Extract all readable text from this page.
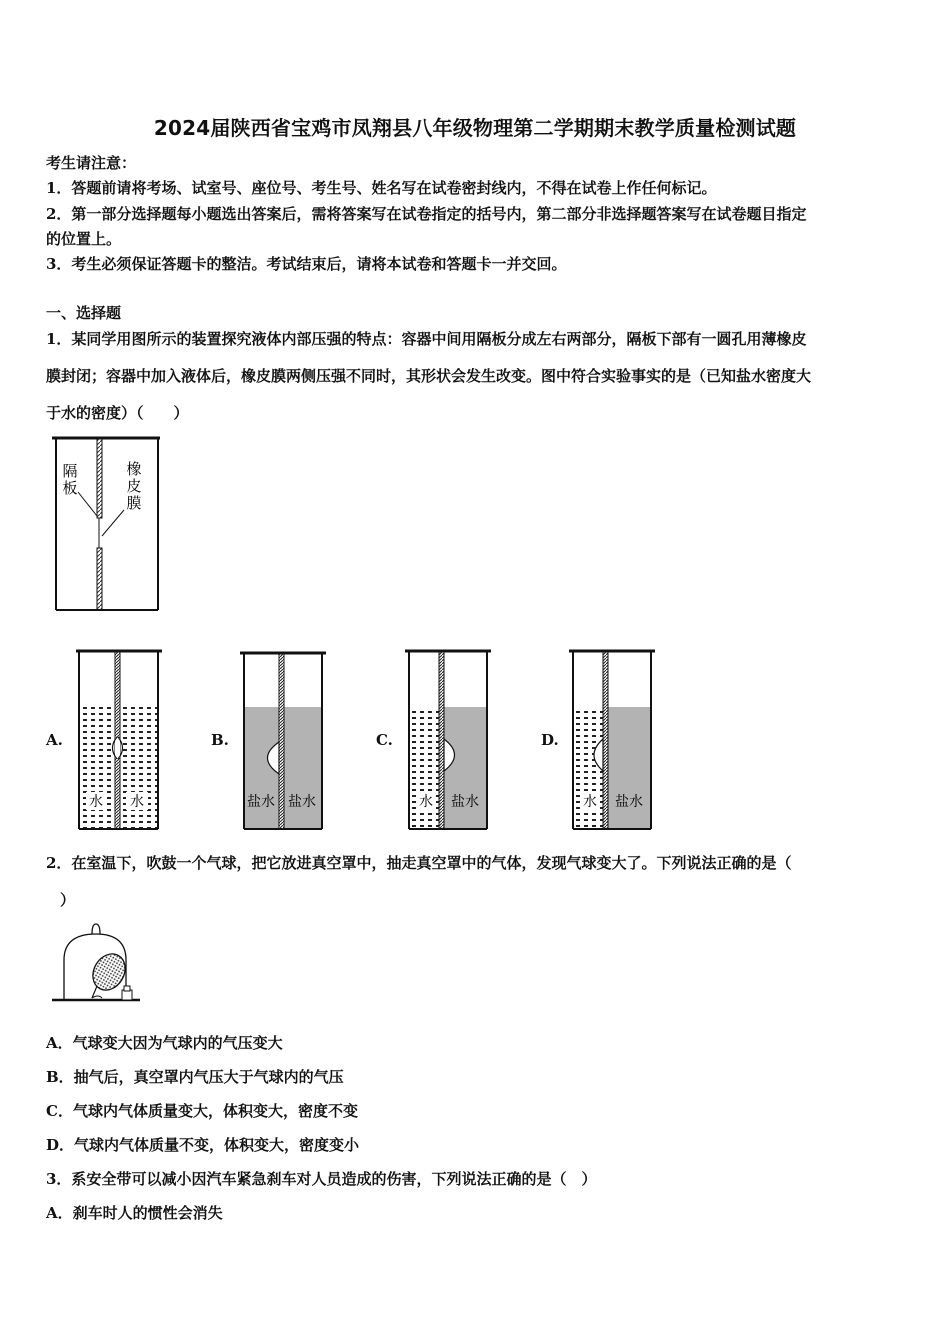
2024届陕西省宝鸡市凤翔县八年级物理第二学期期末教学质量检测试题
考生请注意：
1．答题前请将考场、试室号、座位号、考生号、姓名写在试卷密封线内，不得在试卷上作任何标记。
2．第一部分选择题每小题选出答案后，需将答案写在试卷指定的括号内，第二部分非选择题答案写在试卷题目指定
的位置上。
3．考生必须保证答题卡的整洁。考试结束后，请将本试卷和答题卡一并交回。
一、选择题
1．某同学用图所示的装置探究液体内部压强的特点：容器中间用隔板分成左右两部分，隔板下部有一圆孔用薄橡皮
膜封闭；容器中加入液体后，橡皮膜两侧压强不同时，其形状会发生改变。图中符合实验事实的是（已知盐水密度大
于水的密度）（　　）
隔
板
橡
皮
膜
A.	B.	C.	D.
水 水	盐水 盐水	水 盐水	水 盐水
2．在室温下，吹鼓一个气球，把它放进真空罩中，抽走真空罩中的气体，发现气球变大了。下列说法正确的是（
）
A．气球变大因为气球内的气压变大
B．抽气后，真空罩内气压大于气球内的气压
C．气球内气体质量变大，体积变大，密度不变
D．气球内气体质量不变，体积变大，密度变小
3．系安全带可以减小因汽车紧急刹车对人员造成的伤害，下列说法正确的是（　）
A．刹车时人的惯性会消失
